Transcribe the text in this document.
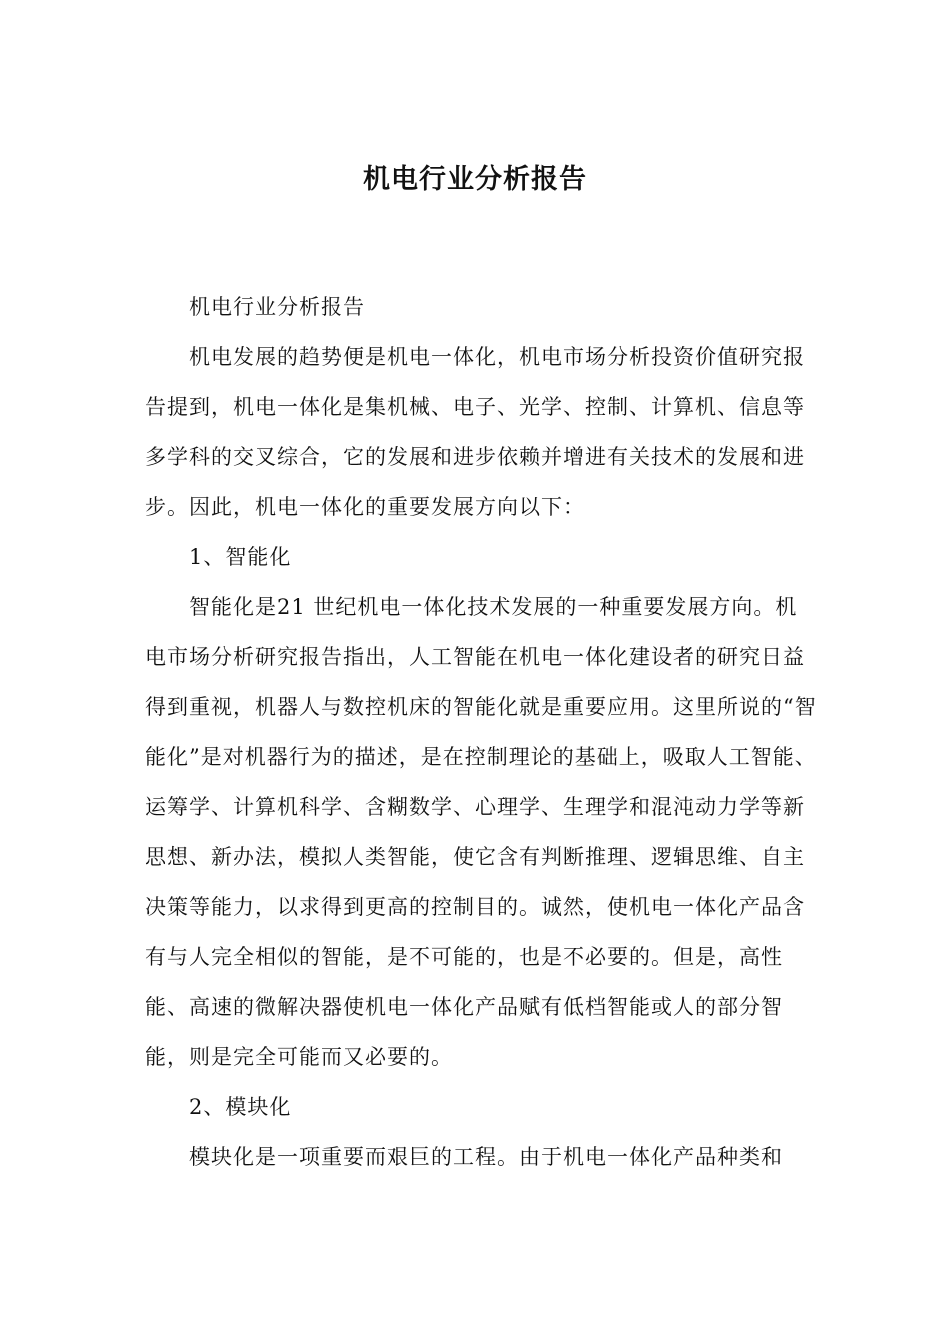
机电行业分析报告

机电行业分析报告

机电发展的趋势便是机电一体化，机电市场分析投资价值研究报告提到，机电一体化是集机械、电子、光学、控制、计算机、信息等多学科的交叉综合，它的发展和进步依赖并增进有关技术的发展和进步。因此，机电一体化的重要发展方向以下：

1、智能化

智能化是21 世纪机电一体化技术发展的一种重要发展方向。机电市场分析研究报告指出，人工智能在机电一体化建设者的研究日益得到重视，机器人与数控机床的智能化就是重要应用。这里所说的“智能化”是对机器行为的描述，是在控制理论的基础上，吸取人工智能、运筹学、计算机科学、含糊数学、心理学、生理学和混沌动力学等新思想、新办法，模拟人类智能，使它含有判断推理、逻辑思维、自主决策等能力，以求得到更高的控制目的。诚然，使机电一体化产品含有与人完全相似的智能，是不可能的，也是不必要的。但是，高性能、高速的微解决器使机电一体化产品赋有低档智能或人的部分智能，则是完全可能而又必要的。

2、模块化

模块化是一项重要而艰巨的工程。由于机电一体化产品种类和
